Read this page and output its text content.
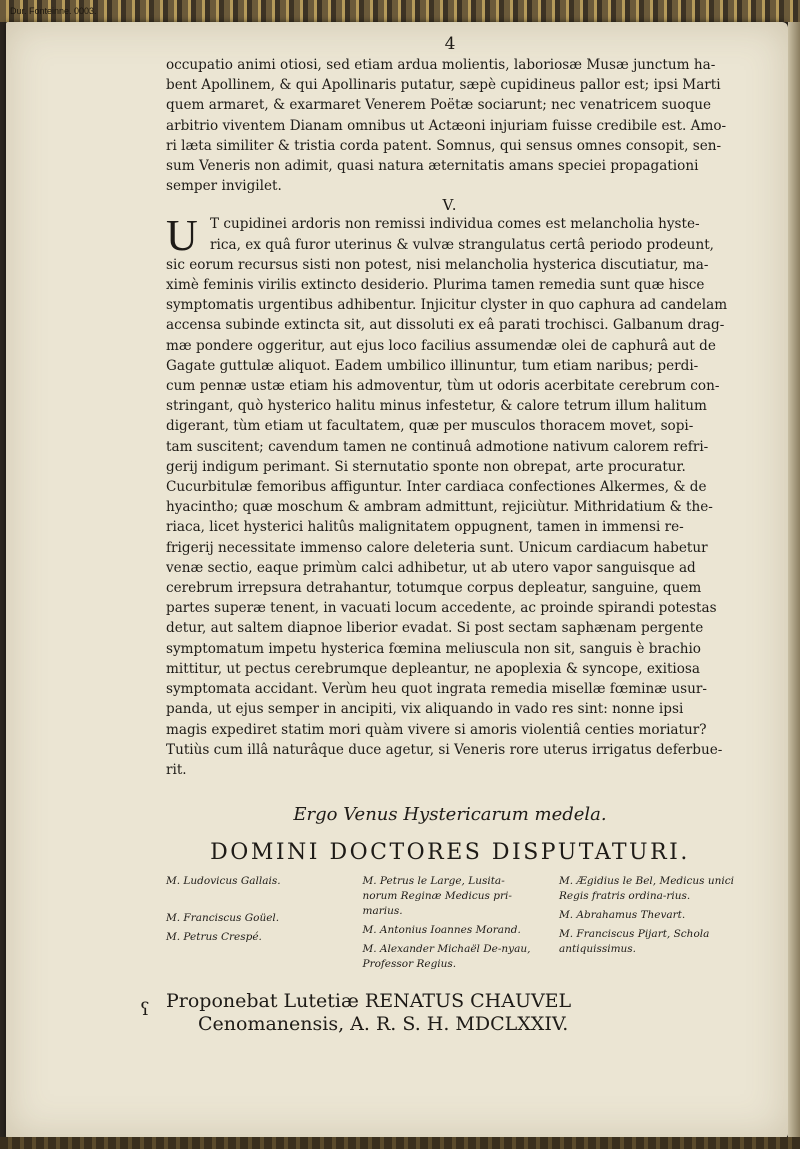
Dur. Fonteinne. 0003.
4
occupatio animi otiosi, sed etiam ardua molientis, laboriosæ Musæ junctum ha-
bent Apollinem, & qui Apollinaris putatur, sæpè cupidineus pallor est; ipsi Marti
quem armaret, & exarmaret Venerem Poëtæ sociarunt; nec venatricem suoque
arbitrio viventem Dianam omnibus ut Actæoni injuriam fuisse credibile est. Amo-
ri læta similiter & tristia corda patent. Somnus, qui sensus omnes consopit, sen-
sum Veneris non adimit, quasi natura æternitatis amans speciei propagationi
semper invigilet.
V.
U T cupidinei ardoris non remissi individua comes est melancholia hyste-
rica, ex quâ furor uterinus & vulvæ strangulatus certâ periodo prodeunt,
sic eorum recursus sisti non potest, nisi melancholia hysterica discutiatur, ma-
ximè feminis virilis extincto desiderio. Plurima tamen remedia sunt quæ hisce
symptomatis urgentibus adhibentur. Injicitur clyster in quo caphura ad candelam
accensa subinde extincta sit, aut dissoluti ex eâ parati trochisci. Galbanum drag-
mæ pondere oggeritur, aut ejus loco facilius assumendæ olei de caphurâ aut de
Gagate guttulæ aliquot. Eadem umbilico illinuntur, tum etiam naribus; perdi-
cum pennæ ustæ etiam his admoventur, tùm ut odoris acerbitate cerebrum con-
stringant, quò hysterico halitu minus infestetur, & calore tetrum illum halitum
digerant, tùm etiam ut facultatem, quæ per musculos thoracem movet, sopi-
tam suscitent; cavendum tamen ne continuâ admotione nativum calorem refri-
gerij indigum perimant. Si sternutatio sponte non obrepat, arte procuratur.
Cucurbitulæ femoribus affiguntur. Inter cardiaca confectiones Alkermes, & de
hyacintho; quæ moschum & ambram admittunt, rejiciùtur. Mithridatium & the-
riaca, licet hysterici halitûs malignitatem oppugnent, tamen in immensi re-
frigerij necessitate immenso calore deleteria sunt. Unicum cardiacum habetur
venæ sectio, eaque primùm calci adhibetur, ut ab utero vapor sanguisque ad
cerebrum irrepsura detrahantur, totumque corpus depleatur, sanguine, quem
partes superæ tenent, in vacuati locum accedente, ac proinde spirandi potestas
detur, aut saltem diapnoe liberior evadat. Si post sectam saphænam pergente
symptomatum impetu hysterica fœmina meliuscula non sit, sanguis è brachio
mittitur, ut pectus cerebrumque depleantur, ne apoplexia & syncope, exitiosa
symptomata accidant. Verùm heu quot ingrata remedia misellæ fœminæ usur-
panda, ut ejus semper in ancipiti, vix aliquando in vado res sint: nonne ipsi
magis expediret statim mori quàm vivere si amoris violentiâ centies moriatur?
Tutiùs cum illâ naturâque duce agetur, si Veneris rore uterus irrigatus deferbue-
rit.
Ergo Venus Hystericarum medela.
DOMINI DOCTORES DISPUTATURI.
M. Ludovicus Gallais.
M. Franciscus Goüel.
M. Petrus Crespé.
M. Petrus le Large, Lusita-norum Reginæ Medicus pri-marius.
M. Antonius Ioannes Morand.
M. Alexander Michaël De-nyau, Professor Regius.
M. Ægidius le Bel, Medicus unici Regis fratris ordina-rius.
M. Abrahamus Thevart.
M. Franciscus Pijart, Schola antiquissimus.
ʕ Proponebat Lutetiæ RENATUS CHAUVEL
Cenomanensis, A. R. S. H. MDCLXXIV.
